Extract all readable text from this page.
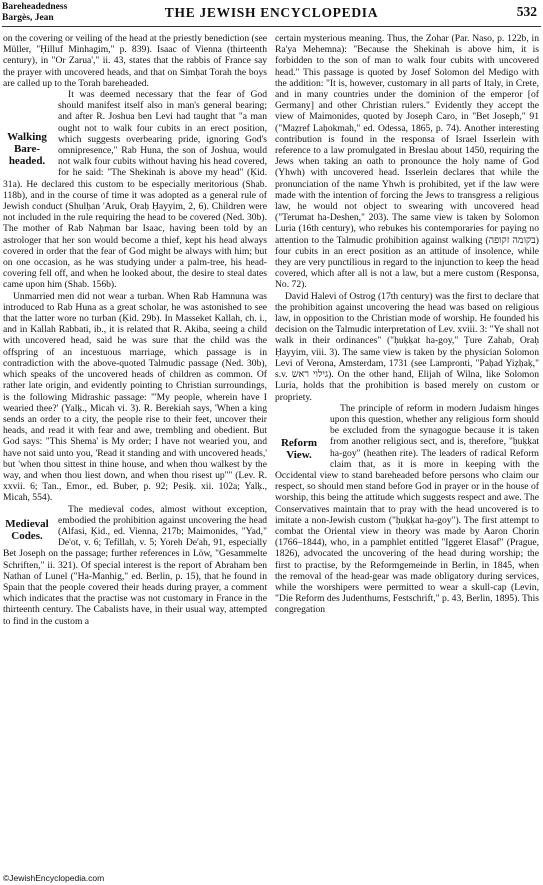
Bareheadedness
Bargès, Jean	THE JEWISH ENCYCLOPEDIA	532

on the covering or veiling of the head at the priestly benediction (see Müller, "Ḥilluf Minhagim," p. 839). Isaac of Vienna (thirteenth century), in "Or Zarua'," ii. 43, states that the rabbis of France say the prayer with uncovered heads, and that on Simḥat Torah the boys are called up to the Torah bareheaded.

Walking
Bare-
headed.

It was deemed necessary that the fear of God should manifest itself also in man's general bearing; and after R. Joshua ben Levi had taught that "a man ought not to walk four cubits in an erect position, which suggests overbearing pride, ignoring God's omnipresence," Rab Huna, the son of Joshua, would not walk four cubits without having his head covered, for he said: "The Shekinah is above my head" (Ḳid. 31a). He declared this custom to be especially meritorious (Shab. 118b), and in the course of time it was adopted as a general rule of Jewish conduct (Shulḥan 'Aruk, Oraḥ Ḥayyim, 2, 6). Children were not included in the rule requiring the head to be covered (Ned. 30b). The mother of Rab Naḥman bar Isaac, having been told by an astrologer that her son would become a thief, kept his head always covered in order that the fear of God might be always with him; but on one occasion, as he was studying under a palm-tree, his head-covering fell off, and when he looked about, the desire to steal dates came upon him (Shab. 156b).

Unmarried men did not wear a turban. When Rab Hamnuna was introduced to Rab Huna as a great scholar, he was astonished to see that the latter wore no turban (Ḳid. 29b). In Masseket Kallah, ch. i., and in Kallah Rabbati, ib., it is related that R. Akiba, seeing a child with uncovered head, said he was sure that the child was the offspring of an incestuous marriage, which passage is in contradiction with the above-quoted Talmudic passage (Ned. 30b), which speaks of the uncovered heads of children as common. Of rather late origin, and evidently pointing to Christian surroundings, is the following Midrashic passage: "'My people, wherein have I wearied thee?' (Yalḳ., Micah vi. 3). R. Berekiah says, 'When a king sends an order to a city, the people rise to their feet, uncover their heads, and read it with fear and awe, trembling and obedient. But God says: "This Shema' is My order; I have not wearied you, and have not said unto you, 'Read it standing and with uncovered heads,' but 'when thou sittest in thine house, and when thou walkest by the way, and when thou liest down, and when thou risest up'"' (Lev. R. xxvii. 6; Tan., Emor., ed. Buber, p. 92; Pesiḳ. xii. 102a; Yalḳ., Micah, 554).

Medieval
Codes.

The medieval codes, almost without exception, embodied the prohibition against uncovering the head (Alfasi, Ḳid., ed. Vienna, 217b; Maimonides, "Yad," De'ot, v. 6; Tefillah, v. 5; Yoreh De'ah, 91, especially Bet Joseph on the passage; further references in Löw, "Gesammelte Schriften," ii. 321). Of special interest is the report of Abraham ben Nathan of Lunel ("Ha-Manhig," ed. Berlin, p. 15), that he found in Spain that the people covered their heads during prayer, a comment which indicates that the practise was not customary in France in the thirteenth century. The Cabalists have, in their usual way, attempted to find in the custom a

certain mysterious meaning. Thus, the Zohar (Par. Naso, p. 122b, in Ra'ya Mehemna): "Because the Shekinah is above him, it is forbidden to the son of man to walk four cubits with uncovered head." This passage is quoted by Josef Solomon del Medigo with the addition: "It is, however, customary in all parts of Italy, in Crete, and in many countries under the dominion of the emperor [of Germany] and other Christian rulers." Evidently they accept the view of Maimonides, quoted by Joseph Caro, in "Bet Joseph," 91 ("Maẓref Laḥokmah," ed. Odessa, 1865, p. 74). Another interesting contribution is found in the responsa of Israel Isserlein with reference to a law promulgated in Breslau about 1450, requiring the Jews when taking an oath to pronounce the holy name of God (Yhwh) with uncovered head. Isserlein declares that while the pronunciation of the name Yhwh is prohibited, yet if the law were made with the intention of forcing the Jews to transgress a religious law, he would not object to swearing with uncovered head ("Terumat ha-Deshen," 203). The same view is taken by Solomon Luria (16th century), who rebukes his contemporaries for paying no attention to the Talmudic prohibition against walking (בקומה זקופה) four cubits in an erect position as an attitude of insolence, while they are very punctilious in regard to the injunction to keep the head covered, which after all is not a law, but a mere custom (Responsa, No. 72).

David Halevi of Ostrog (17th century) was the first to declare that the prohibition against uncovering the head was based on religious law, in opposition to the Christian mode of worship. He founded his decision on the Talmudic interpretation of Lev. xviii. 3: "Ye shall not walk in their ordinances" ("ḥuḳḳat ha-goy," Ṭure Zahab, Oraḥ Ḥayyim, viii. 3). The same view is taken by the physician Solomon Levi of Verona, Amsterdam, 1731 (see Lampronti, "Paḥad Yiẓḥaḳ," s.v. גילוי ראש). On the other hand, Elijah of Wilna, like Solomon Luria, holds that the prohibition is based merely on custom or propriety.

Reform
View.

The principle of reform in modern Judaism hinges upon this question, whether any religious form should be excluded from the synagogue because it is taken from another religious sect, and is, therefore, "ḥuḳḳat ha-goy" (heathen rite). The leaders of radical Reform claim that, as it is more in keeping with the Occidental view to stand bareheaded before persons who claim our respect, so should men stand before God in prayer or in the house of worship, this being the attitude which suggests respect and awe. The Conservatives maintain that to pray with the head uncovered is to imitate a non-Jewish custom ("ḥuḳḳat ha-goy"). The first attempt to combat the Oriental view in theory was made by Aaron Chorin (1766–1844), who, in a pamphlet entitled "Iggeret Elasaf" (Prague, 1826), advocated the uncovering of the head during worship; the first to practise, by the Reformgemeinde in Berlin, in 1845, when the removal of the head-gear was made obligatory during services, while the worshipers were permitted to wear a skull-cap (Levin, "Die Reform des Judenthums, Festschrift," p. 43, Berlin, 1895). This congregation

©JewishEncyclopedia.com
